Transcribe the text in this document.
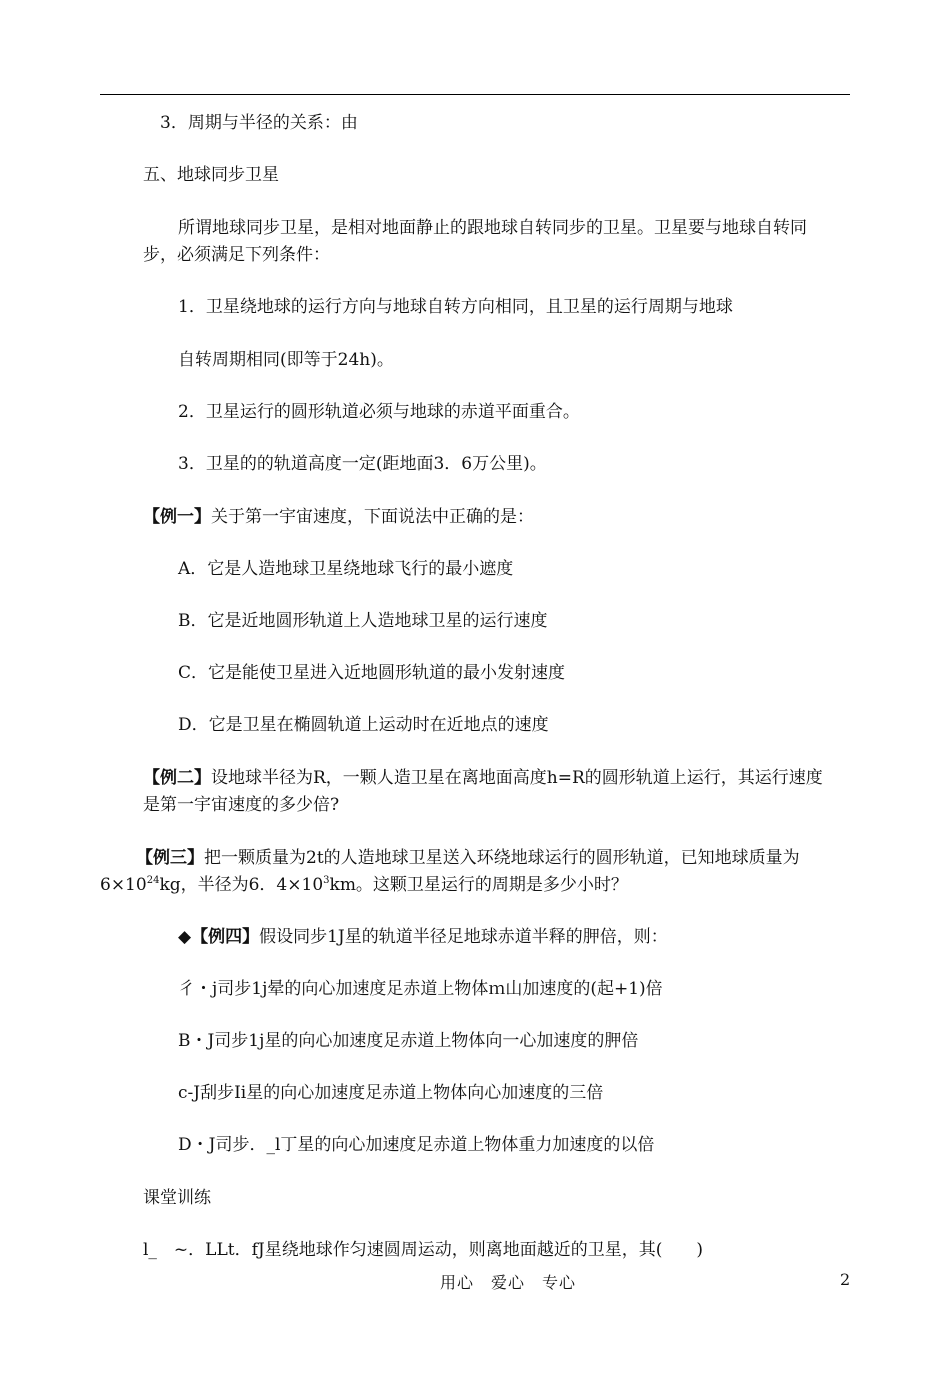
3．周期与半径的关系：由
五、地球同步卫星
所谓地球同步卫星，是相对地面静止的跟地球自转同步的卫星。卫星要与地球自转同
步，必须满足下列条件：
1．卫星绕地球的运行方向与地球自转方向相同，且卫星的运行周期与地球
自转周期相同(即等于24h)。
2．卫星运行的圆形轨道必须与地球的赤道平面重合。
3．卫星的的轨道高度一定(距地面3．6万公里)。
【例一】关于第一宇宙速度，下面说法中正确的是：
A．它是人造地球卫星绕地球飞行的最小遮度
B．它是近地圆形轨道上人造地球卫星的运行速度
C．它是能使卫星进入近地圆形轨道的最小发射速度
D．它是卫星在椭圆轨道上运动时在近地点的速度
【例二】设地球半径为R，一颗人造卫星在离地面高度h=R的圆形轨道上运行，其运行速度
是第一宇宙速度的多少倍?
【例三】把一颗质量为2t的人造地球卫星送入环绕地球运行的圆形轨道，已知地球质量为
$6\times 10^{24}kg$，半径为6．$4\times 10^3km$。这颗卫星运行的周期是多少小时？
◆【例四】假设同步1J星的轨道半径足地球赤道半释的胛倍，则：
彳・j司步1j晕的向心加速度足赤道上物体ｍ山加速度的(起+1)倍
B・J司步1j星的向心加速度足赤道上物体向一心加速度的胛倍
c-J刮步Ii星的向心加速度足赤道上物体向心加速度的三倍
D・J司步．_l丁星的向心加速度足赤道上物体重力加速度的以倍
课堂训练
l_　~．LLt．fJ星绕地球作匀速圆周运动，则离地面越近的卫星，其(　　)
用心　爱心　专心	2
